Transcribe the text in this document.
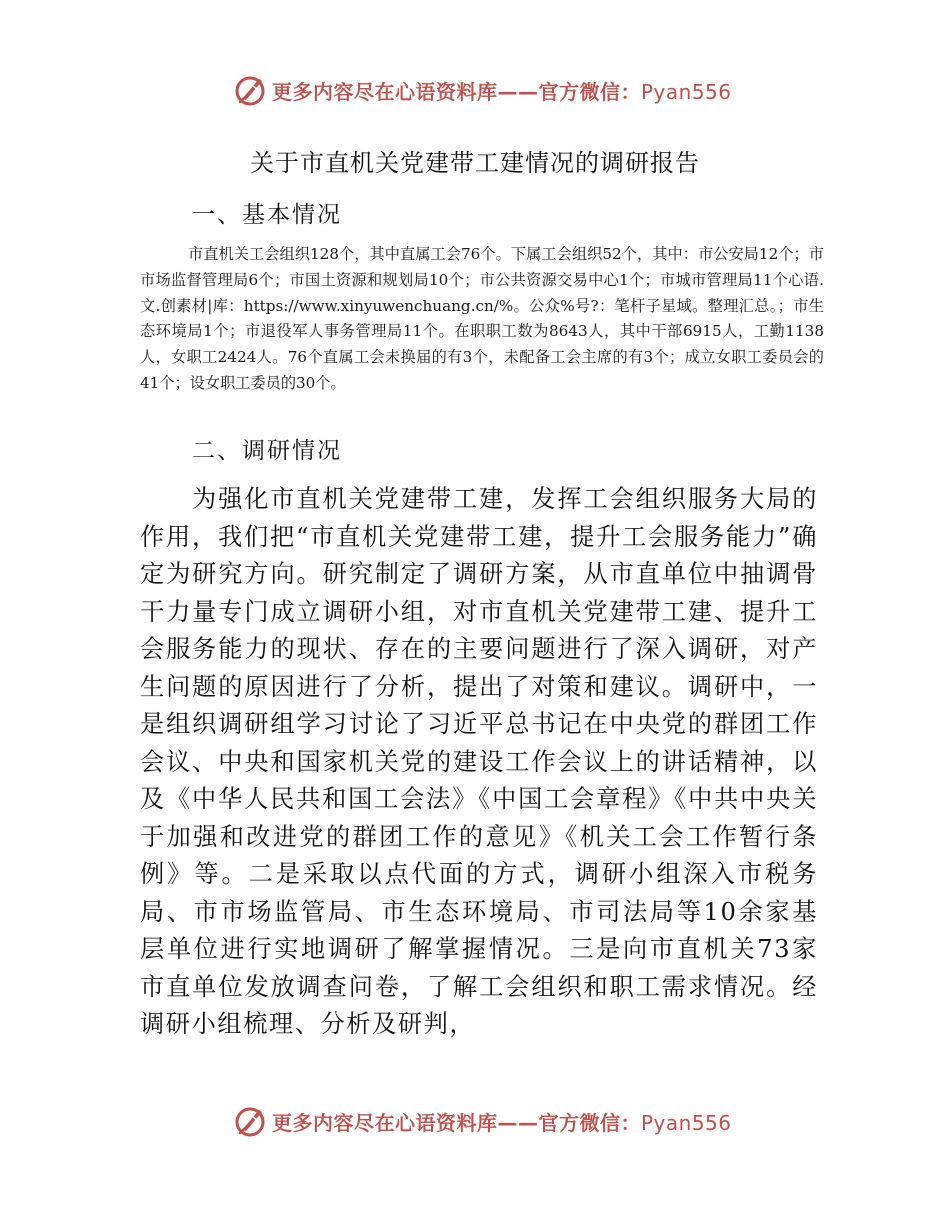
更多内容尽在心语资料库——官方微信：Pyan556
关于市直机关党建带工建情况的调研报告
一、基本情况
市直机关工会组织128个，其中直属工会76个。下属工会组织52个，其中：市公安局12个；市市场监督管理局6个；市国土资源和规划局10个；市公共资源交易中心1个；市城市管理局11个心语.文.创素材|库：https://www.xinyuwenchuang.cn/%。公众%号?：笔杆子星域。整理汇总。；市生态环境局1个；市退役军人事务管理局11个。在职职工数为8643人，其中干部6915人，工勤1138人，女职工2424人。76个直属工会未换届的有3个，未配备工会主席的有3个；成立女职工委员会的41个；设女职工委员的30个。
二、调研情况
为强化市直机关党建带工建，发挥工会组织服务大局的作用，我们把“市直机关党建带工建，提升工会服务能力”确定为研究方向。研究制定了调研方案，从市直单位中抽调骨干力量专门成立调研小组，对市直机关党建带工建、提升工会服务能力的现状、存在的主要问题进行了深入调研，对产生问题的原因进行了分析，提出了对策和建议。调研中，一是组织调研组学习讨论了习近平总书记在中央党的群团工作会议、中央和国家机关党的建设工作会议上的讲话精神，以及《中华人民共和国工会法》《中国工会章程》《中共中央关于加强和改进党的群团工作的意见》《机关工会工作暂行条例》等。二是采取以点代面的方式，调研小组深入市税务局、市市场监管局、市生态环境局、市司法局等10余家基层单位进行实地调研了解掌握情况。三是向市直机关73家市直单位发放调查问卷，了解工会组织和职工需求情况。经调研小组梳理、分析及研判，
更多内容尽在心语资料库——官方微信：Pyan556
